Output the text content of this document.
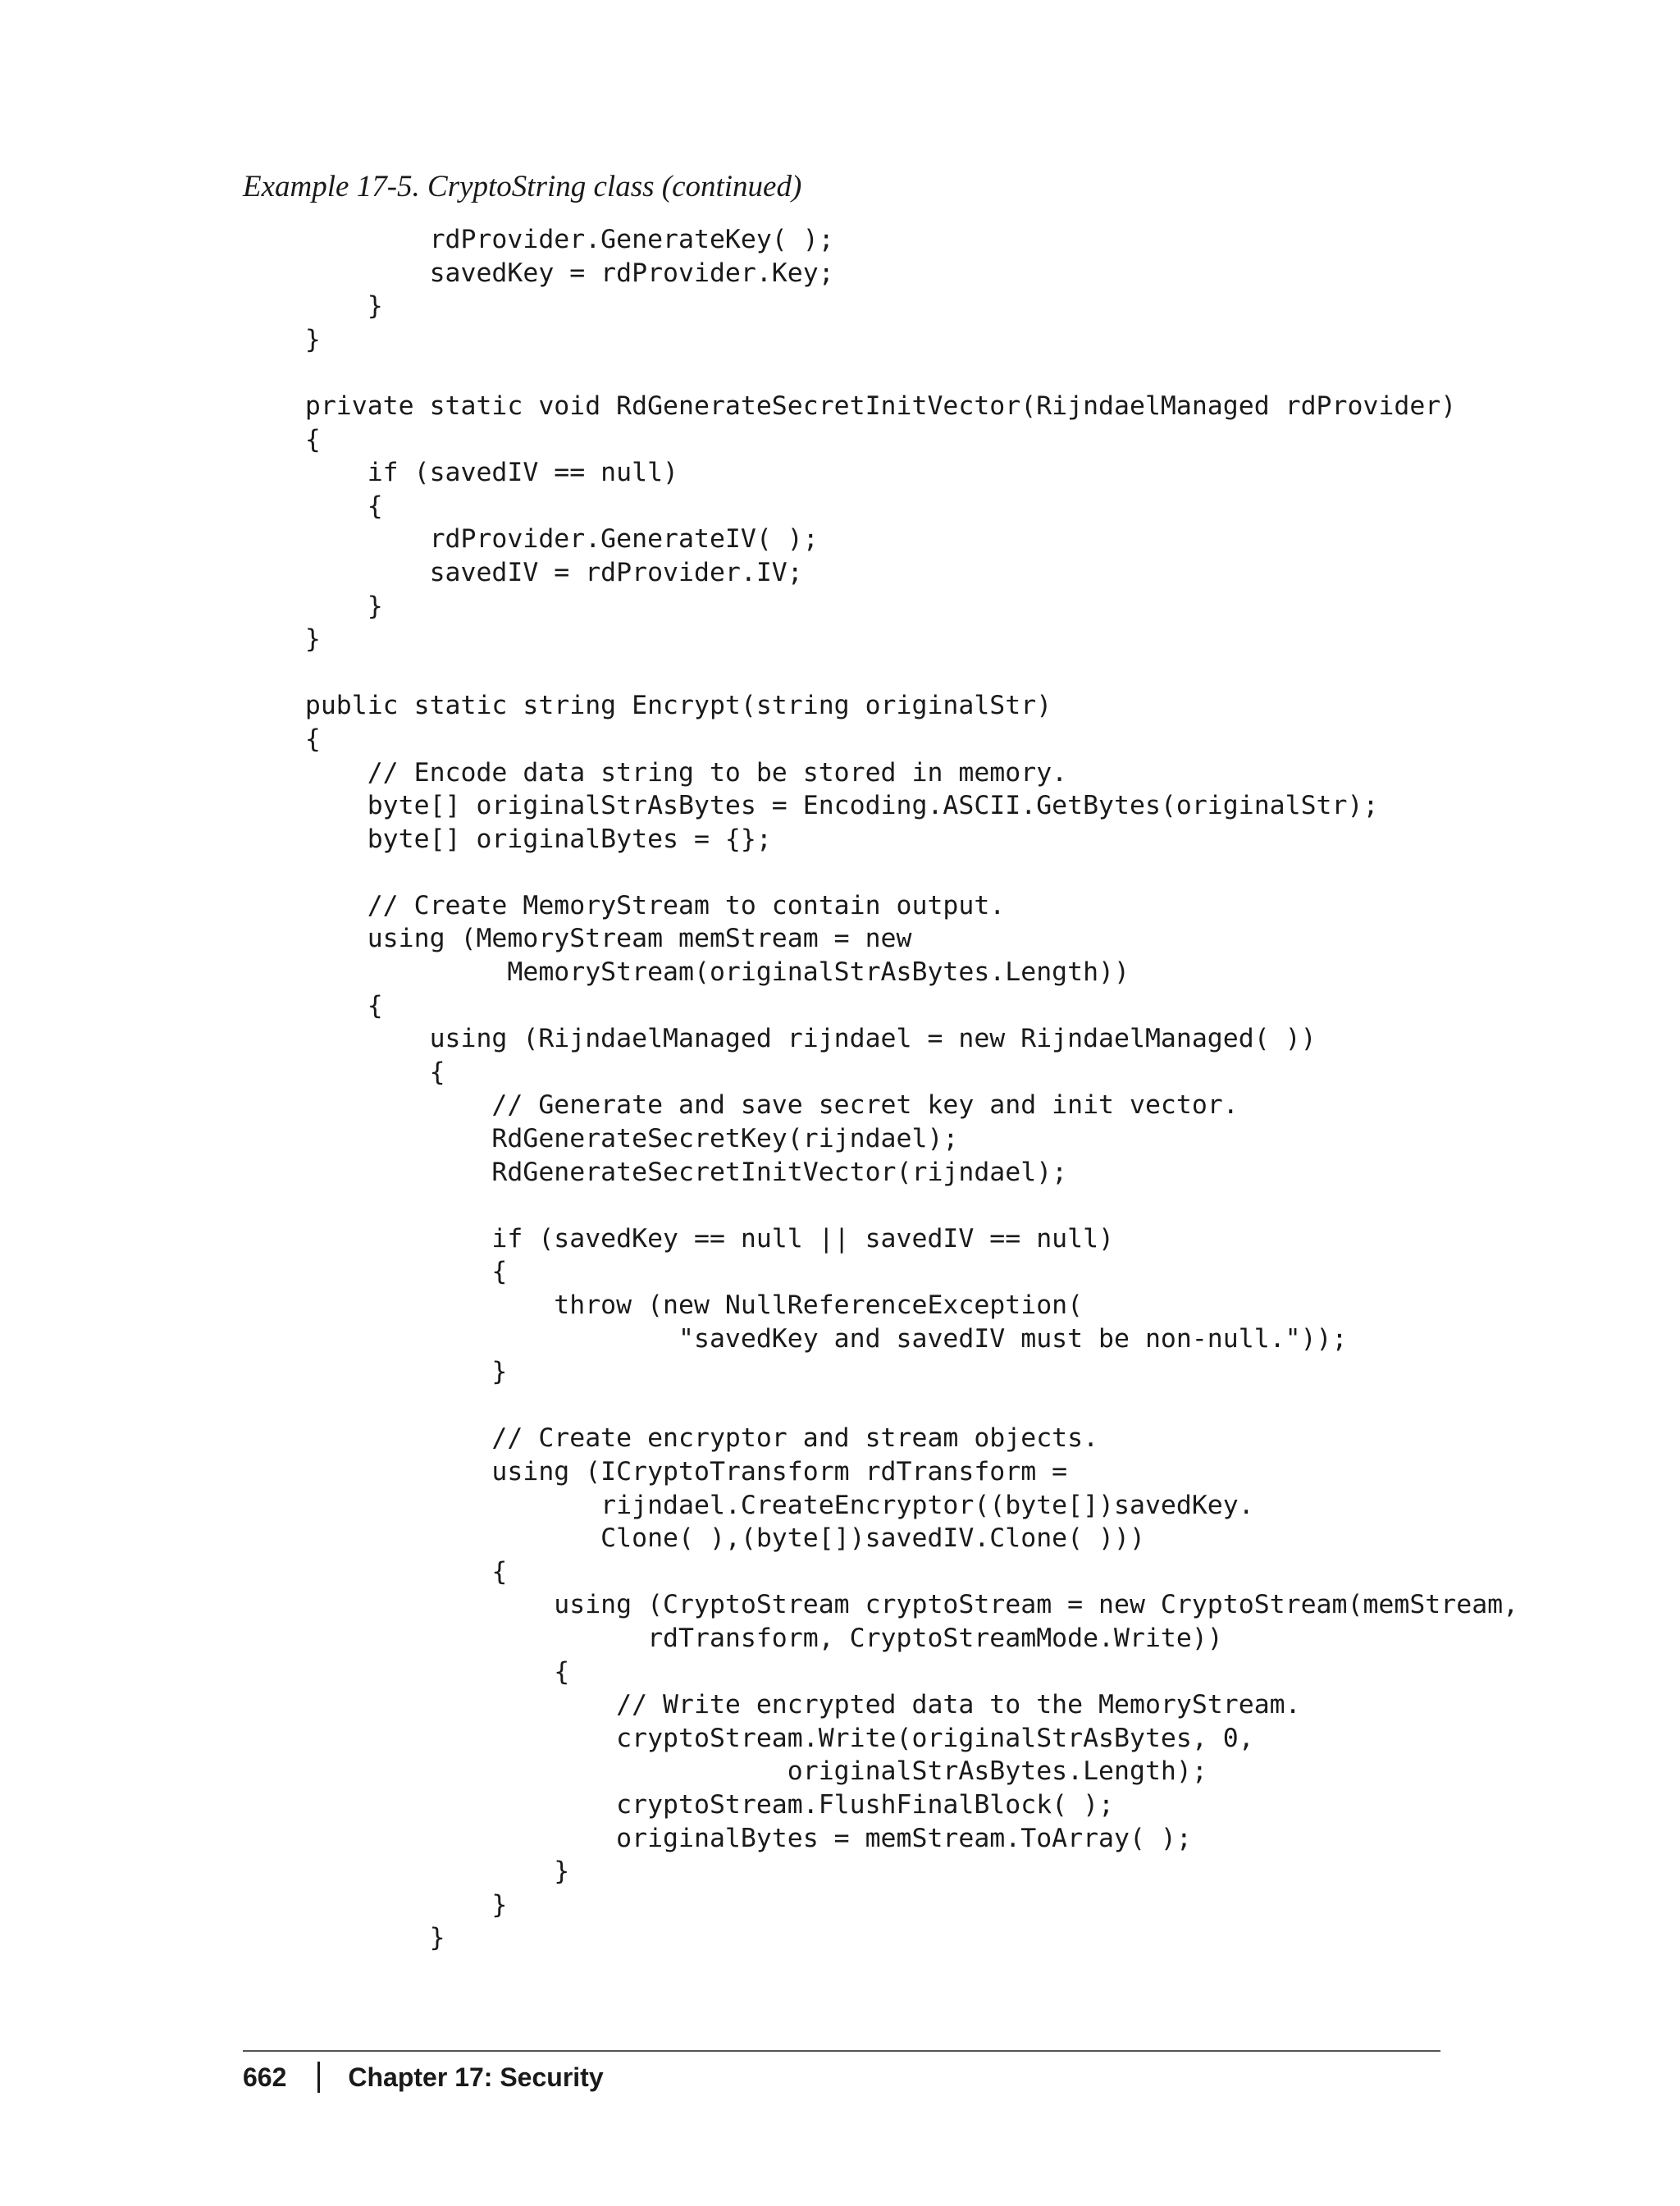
Example 17-5. CryptoString class (continued)
rdProvider.GenerateKey( );
savedKey = rdProvider.Key;
}
}
private static void RdGenerateSecretInitVector(RijndaelManaged rdProvider)
{
if (savedIV == null)
{
rdProvider.GenerateIV( );
savedIV = rdProvider.IV;
}
}
public static string Encrypt(string originalStr)
{
// Encode data string to be stored in memory.
byte[] originalStrAsBytes = Encoding.ASCII.GetBytes(originalStr);
byte[] originalBytes = {};
// Create MemoryStream to contain output.
using (MemoryStream memStream = new
MemoryStream(originalStrAsBytes.Length))
{
using (RijndaelManaged rijndael = new RijndaelManaged( ))
{
// Generate and save secret key and init vector.
RdGenerateSecretKey(rijndael);
RdGenerateSecretInitVector(rijndael);
if (savedKey == null || savedIV == null)
{
throw (new NullReferenceException(
"savedKey and savedIV must be non-null."));
}
// Create encryptor and stream objects.
using (ICryptoTransform rdTransform =
rijndael.CreateEncryptor((byte[])savedKey.
Clone( ),(byte[])savedIV.Clone( )))
{
using (CryptoStream cryptoStream = new CryptoStream(memStream,
rdTransform, CryptoStreamMode.Write))
{
// Write encrypted data to the MemoryStream.
cryptoStream.Write(originalStrAsBytes, 0,
originalStrAsBytes.Length);
cryptoStream.FlushFinalBlock( );
originalBytes = memStream.ToArray( );
}
}
}
662 Chapter 17: Security
